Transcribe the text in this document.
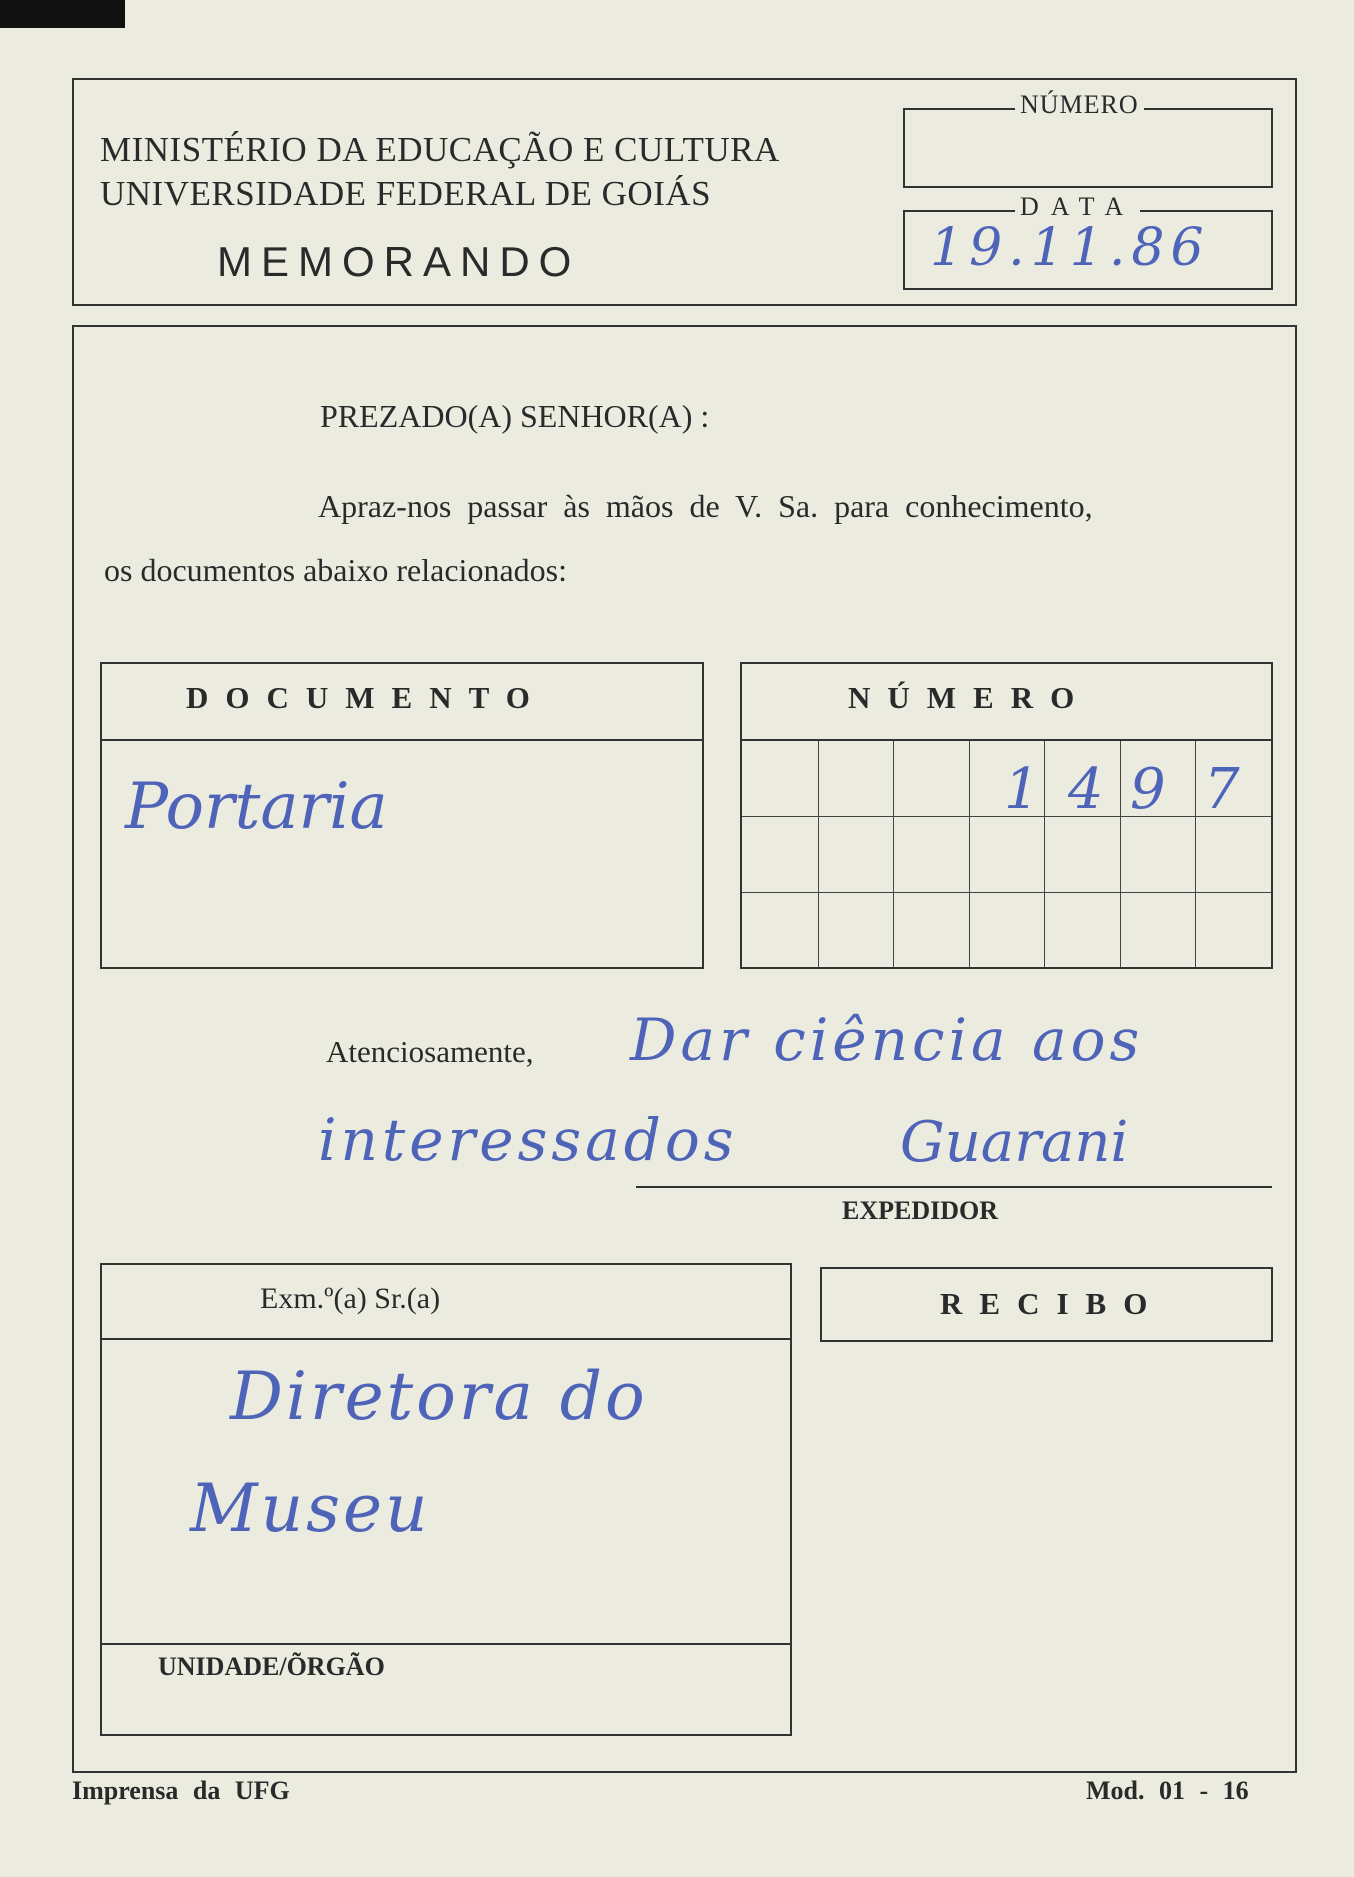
MINISTÉRIO DA EDUCAÇÃO E CULTURA
UNIVERSIDADE FEDERAL DE GOIÁS
MEMORANDO
NÚMERO
DATA
19.11.86
PREZADO(A) SENHOR(A) :
Apraz-nos passar às mãos de V. Sa. para conhecimento,
os documentos abaixo relacionados:
DOCUMENTO
Portaria
NÚMERO
1 4 9 7
Atenciosamente, Dar ciência aos
interessados	Guarani
EXPEDIDOR
Exm.º(a) Sr.(a)
Diretora do
Museu
UNIDADE/ÕRGÃO
RECIBO
Imprensa da UFG	Mod. 01 - 16
